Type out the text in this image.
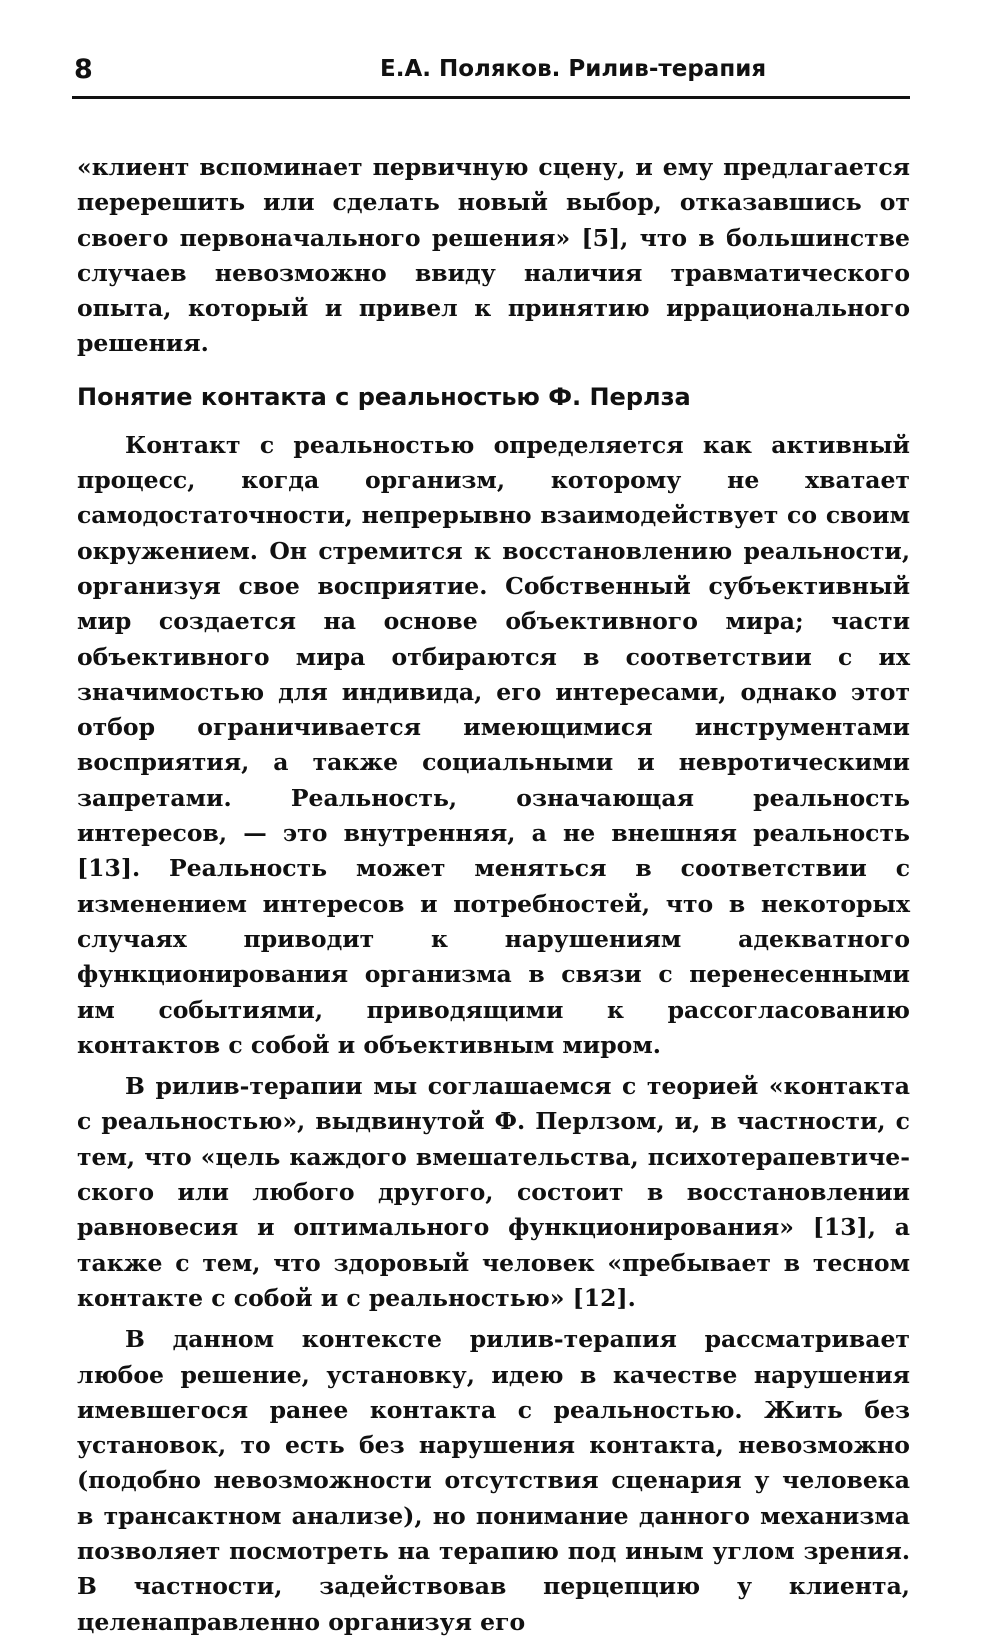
8	Е.А. Поляков. Рилив-терапия

«клиент вспоминает первичную сцену, и ему предлагается перерешить или сделать новый выбор, отказавшись от своего первоначального решения» [5], что в большинстве случаев невозможно ввиду наличия травматического опыта, который и привел к принятию иррационального решения.

Понятие контакта с реальностью Ф. Перлза

Контакт с реальностью определяется как активный процесс, когда организм, которому не хватает самодостаточности, непрерывно взаимодействует со своим окружением. Он стремится к восстановлению реальности, организуя свое восприятие. Собственный субъективный мир создается на основе объективного мира; части объективного мира отбираются в соответствии с их значимостью для индивида, его интересами, однако этот отбор ограничивается имеющимися инструментами восприятия, а также социальными и невротическими запретами. Реальность, означающая реальность интересов, — это внутренняя, а не внешняя реальность [13]. Реальность может меняться в соответствии с изменением интересов и потребностей, что в некоторых случаях приводит к нарушениям адекватного функционирования организма в связи с перенесенными им событиями, приводящими к рассогласованию контактов с собой и объективным миром.

В рилив-терапии мы соглашаемся с теорией «контакта с реальностью», выдвинутой Ф. Перлзом, и, в частности, с тем, что «цель каждого вмешательства, психотерапевтического или любого другого, состоит в восстановлении равновесия и оптимального функционирования» [13], а также с тем, что здоровый человек «пребывает в тесном контакте с собой и с реальностью» [12].

В данном контексте рилив-терапия рассматривает любое решение, установку, идею в качестве нарушения имевшегося ранее контакта с реальностью. Жить без установок, то есть без нарушения контакта, невозможно (подобно невозможности отсутствия сценария у человека в трансактном анализе), но понимание данного механизма позволяет посмотреть на терапию под иным углом зрения. В частности, задействовав перцепцию у клиента, целенаправленно организуя его
